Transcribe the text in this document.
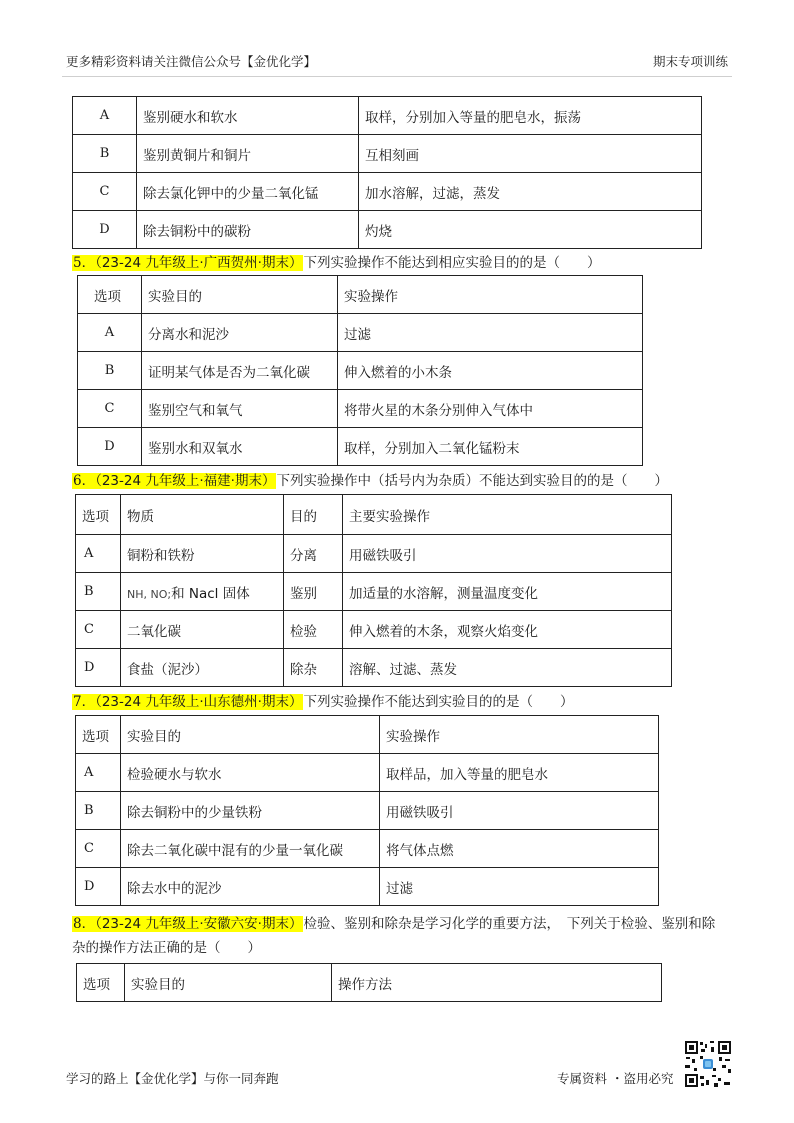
更多精彩资料请关注微信公众号【金优化学】	期末专项训练
A	鉴别硬水和软水	取样，分别加入等量的肥皂水，振荡
B	鉴别黄铜片和铜片	互相刻画
C	除去氯化钾中的少量二氧化锰	加水溶解，过滤，蒸发
D	除去铜粉中的碳粉	灼烧
5．（23-24 九年级上·广西贺州·期末）下列实验操作不能达到相应实验目的的是（　　）
选项	实验目的	实验操作
A	分离水和泥沙	过滤
B	证明某气体是否为二氧化碳	伸入燃着的小木条
C	鉴别空气和氧气	将带火星的木条分别伸入气体中
D	鉴别水和双氧水	取样，分别加入二氧化锰粉末
6．（23-24 九年级上·福建·期末）下列实验操作中（括号内为杂质）不能达到实验目的的是（　　）
选项	物质	目的	主要实验操作
A	铜粉和铁粉	分离	用磁铁吸引
B	NH, NO;和 Nacl 固体	鉴别	加适量的水溶解，测量温度变化
C	二氧化碳	检验	伸入燃着的木条，观察火焰变化
D	食盐（泥沙）	除杂	溶解、过滤、蒸发
7．（23-24 九年级上·山东德州·期末）下列实验操作不能达到实验目的的是（　　）
选项	实验目的	实验操作
A	检验硬水与软水	取样品，加入等量的肥皂水
B	除去铜粉中的少量铁粉	用磁铁吸引
C	除去二氧化碳中混有的少量一氧化碳	将气体点燃
D	除去水中的泥沙	过滤
8．（23-24 九年级上·安徽六安·期末）检验、鉴别和除杂是学习化学的重要方法，　下列关于检验、鉴别和除
杂的操作方法正确的是（　　）
选项	实验目的	操作方法
学习的路上【金优化学】与你一同奔跑	专属资料 ・盗用必究
